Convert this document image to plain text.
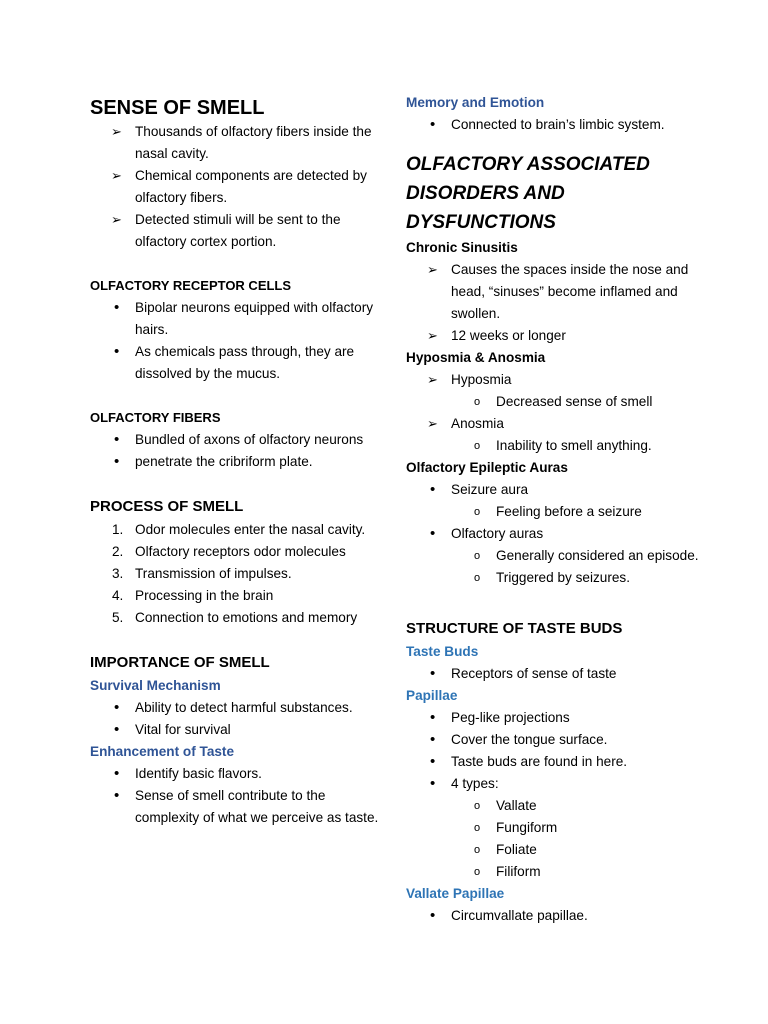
SENSE OF SMELL
➢ Thousands of olfactory fibers inside the nasal cavity.
➢ Chemical components are detected by olfactory fibers.
➢ Detected stimuli will be sent to the olfactory cortex portion.
OLFACTORY RECEPTOR CELLS
• Bipolar neurons equipped with olfactory hairs.
• As chemicals pass through, they are dissolved by the mucus.
OLFACTORY FIBERS
• Bundled of axons of olfactory neurons
• penetrate the cribriform plate.
PROCESS OF SMELL
1. Odor molecules enter the nasal cavity.
2. Olfactory receptors odor molecules
3. Transmission of impulses.
4. Processing in the brain
5. Connection to emotions and memory
IMPORTANCE OF SMELL
Survival Mechanism
• Ability to detect harmful substances.
• Vital for survival
Enhancement of Taste
• Identify basic flavors.
• Sense of smell contribute to the complexity of what we perceive as taste.
Memory and Emotion
• Connected to brain’s limbic system.
OLFACTORY ASSOCIATED
DISORDERS AND DYSFUNCTIONS
Chronic Sinusitis
➢ Causes the spaces inside the nose and head, “sinuses” become inflamed and swollen.
➢ 12 weeks or longer
Hyposmia & Anosmia
➢ Hyposmia
o Decreased sense of smell
➢ Anosmia
o Inability to smell anything.
Olfactory Epileptic Auras
• Seizure aura
o Feeling before a seizure
• Olfactory auras
o Generally considered an episode.
o Triggered by seizures.
STRUCTURE OF TASTE BUDS
Taste Buds
• Receptors of sense of taste
Papillae
• Peg-like projections
• Cover the tongue surface.
• Taste buds are found in here.
• 4 types:
o Vallate
o Fungiform
o Foliate
o Filiform
Vallate Papillae
• Circumvallate papillae.
